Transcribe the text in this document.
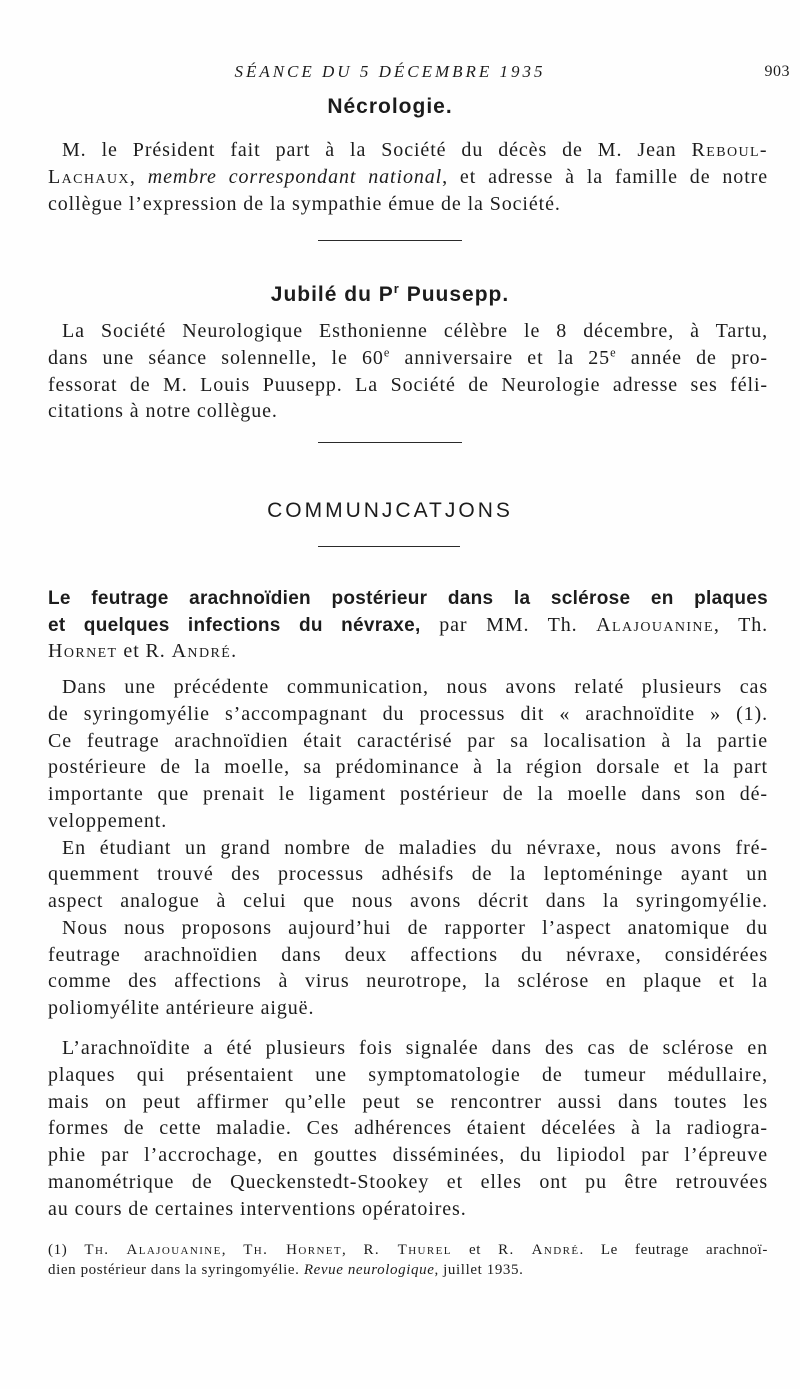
SÉANCE DU 5 DÉCEMBRE 1935	903
Nécrologie.
M. le Président fait part à la Société du décès de M. Jean Reboul-
Lachaux, membre correspondant national, et adresse à la famille de notre
collègue l’expression de la sympathie émue de la Société.
Jubilé du $P^r$ Puusepp.
La Société Neurologique Esthonienne célèbre le 8 décembre, à Tartu,
dans une séance solennelle, le 60e anniversaire et la 25e année de pro-
fessorat de M. Louis Puusepp. La Société de Neurologie adresse ses féli-
citations à notre collègue.
COMMUNJCATJONS
Le feutrage arachnoïdien postérieur dans la sclérose en plaques
et quelques infections du névraxe, par MM. Th. Alajouanine, Th.
Hornet et R. André.
Dans une précédente communication, nous avons relaté plusieurs cas
de syringomyélie s’accompagnant du processus dit « arachnoïdite » (1).
Ce feutrage arachnoïdien était caractérisé par sa localisation à la partie
postérieure de la moelle, sa prédominance à la région dorsale et la part
importante que prenait le ligament postérieur de la moelle dans son dé-
veloppement.
En étudiant un grand nombre de maladies du névraxe, nous avons fré-
quemment trouvé des processus adhésifs de la leptoméninge ayant un
aspect analogue à celui que nous avons décrit dans la syringomyélie.
Nous nous proposons aujourd’hui de rapporter l’aspect anatomique du
feutrage arachnoïdien dans deux affections du névraxe, considérées
comme des affections à virus neurotrope, la sclérose en plaque et la
poliomyélite antérieure aiguë.
L’arachnoïdite a été plusieurs fois signalée dans des cas de sclérose en
plaques qui présentaient une symptomatologie de tumeur médullaire,
mais on peut affirmer qu’elle peut se rencontrer aussi dans toutes les
formes de cette maladie. Ces adhérences étaient décelées à la radiogra-
phie par l’accrochage, en gouttes disséminées, du lipiodol par l’épreuve
manométrique de Queckenstedt-Stookey et elles ont pu être retrouvées
au cours de certaines interventions opératoires.
(1) Th. Alajouanine, Th. Hornet, R. Thurel et R. André. Le feutrage arachnoï-
dien postérieur dans la syringomyélie. Revue neurologique, juillet 1935.
